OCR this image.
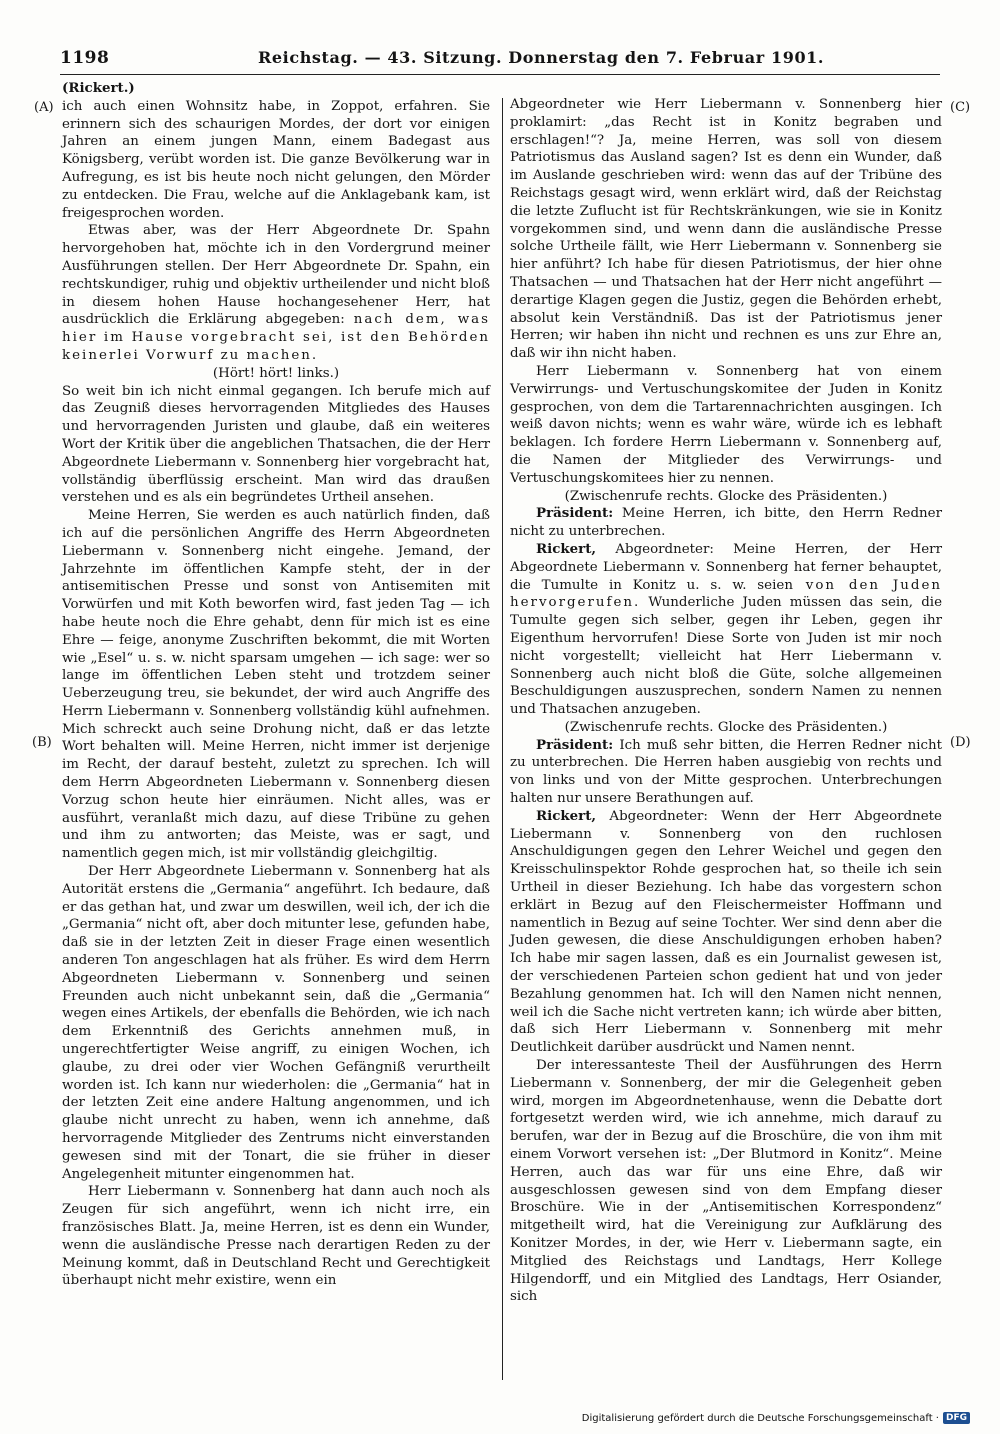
1198	Reichstag. — 43. Sitzung. Donnerstag den 7. Februar 1901.
(A)
(B)
(C)
(D)

(Rickert.)

ich auch einen Wohnsitz habe, in Zoppot, erfahren. Sie erinnern sich des schaurigen Mordes, der dort vor einigen Jahren an einem jungen Mann, einem Badegast aus Königsberg, verübt worden ist. Die ganze Bevölkerung war in Aufregung, es ist bis heute noch nicht gelungen, den Mörder zu entdecken. Die Frau, welche auf die Anklagebank kam, ist freigesprochen worden.

Etwas aber, was der Herr Abgeordnete Dr. Spahn hervorgehoben hat, möchte ich in den Vordergrund meiner Ausführungen stellen. Der Herr Abgeordnete Dr. Spahn, ein rechtskundiger, ruhig und objektiv urtheilender und nicht bloß in diesem hohen Hause hochangesehener Herr, hat ausdrücklich die Erklärung abgegeben: nach dem, was hier im Hause vorgebracht sei, ist den Behörden keinerlei Vorwurf zu machen.

(Hört! hört! links.)

So weit bin ich nicht einmal gegangen. Ich berufe mich auf das Zeugniß dieses hervorragenden Mitgliedes des Hauses und hervorragenden Juristen und glaube, daß ein weiteres Wort der Kritik über die angeblichen Thatsachen, die der Herr Abgeordnete Liebermann v. Sonnenberg hier vorgebracht hat, vollständig überflüssig erscheint. Man wird das draußen verstehen und es als ein begründetes Urtheil ansehen.

Meine Herren, Sie werden es auch natürlich finden, daß ich auf die persönlichen Angriffe des Herrn Abgeordneten Liebermann v. Sonnenberg nicht eingehe. Jemand, der Jahrzehnte im öffentlichen Kampfe steht, der in der antisemitischen Presse und sonst von Antisemiten mit Vorwürfen und mit Koth beworfen wird, fast jeden Tag — ich habe heute noch die Ehre gehabt, denn für mich ist es eine Ehre — feige, anonyme Zuschriften bekommt, die mit Worten wie „Esel“ u. s. w. nicht sparsam umgehen — ich sage: wer so lange im öffentlichen Leben steht und trotzdem seiner Ueberzeugung treu, sie bekundet, der wird auch Angriffe des Herrn Liebermann v. Sonnenberg vollständig kühl aufnehmen. Mich schreckt auch seine Drohung nicht, daß er das letzte Wort behalten will. Meine Herren, nicht immer ist derjenige im Recht, der darauf besteht, zuletzt zu sprechen. Ich will dem Herrn Abgeordneten Liebermann v. Sonnenberg diesen Vorzug schon heute hier einräumen. Nicht alles, was er ausführt, veranlaßt mich dazu, auf diese Tribüne zu gehen und ihm zu antworten; das Meiste, was er sagt, und namentlich gegen mich, ist mir vollständig gleichgiltig.

Der Herr Abgeordnete Liebermann v. Sonnenberg hat als Autorität erstens die „Germania“ angeführt. Ich bedaure, daß er das gethan hat, und zwar um deswillen, weil ich, der ich die „Germania“ nicht oft, aber doch mitunter lese, gefunden habe, daß sie in der letzten Zeit in dieser Frage einen wesentlich anderen Ton angeschlagen hat als früher. Es wird dem Herrn Abgeordneten Liebermann v. Sonnenberg und seinen Freunden auch nicht unbekannt sein, daß die „Germania“ wegen eines Artikels, der ebenfalls die Behörden, wie ich nach dem Erkenntniß des Gerichts annehmen muß, in ungerechtfertigter Weise angriff, zu einigen Wochen, ich glaube, zu drei oder vier Wochen Gefängniß verurtheilt worden ist. Ich kann nur wiederholen: die „Germania“ hat in der letzten Zeit eine andere Haltung angenommen, und ich glaube nicht unrecht zu haben, wenn ich annehme, daß hervorragende Mitglieder des Zentrums nicht einverstanden gewesen sind mit der Tonart, die sie früher in dieser Angelegenheit mitunter eingenommen hat.

Herr Liebermann v. Sonnenberg hat dann auch noch als Zeugen für sich angeführt, wenn ich nicht irre, ein französisches Blatt. Ja, meine Herren, ist es denn ein Wunder, wenn die ausländische Presse nach derartigen Reden zu der Meinung kommt, daß in Deutschland Recht und Gerechtigkeit überhaupt nicht mehr existire, wenn ein

Abgeordneter wie Herr Liebermann v. Sonnenberg hier proklamirt: „das Recht ist in Konitz begraben und erschlagen!“? Ja, meine Herren, was soll von diesem Patriotismus das Ausland sagen? Ist es denn ein Wunder, daß im Auslande geschrieben wird: wenn das auf der Tribüne des Reichstags gesagt wird, wenn erklärt wird, daß der Reichstag die letzte Zuflucht ist für Rechtskränkungen, wie sie in Konitz vorgekommen sind, und wenn dann die ausländische Presse solche Urtheile fällt, wie Herr Liebermann v. Sonnenberg sie hier anführt? Ich habe für diesen Patriotismus, der hier ohne Thatsachen — und Thatsachen hat der Herr nicht angeführt — derartige Klagen gegen die Justiz, gegen die Behörden erhebt, absolut kein Verständniß. Das ist der Patriotismus jener Herren; wir haben ihn nicht und rechnen es uns zur Ehre an, daß wir ihn nicht haben.

Herr Liebermann v. Sonnenberg hat von einem Verwirrungs- und Vertuschungskomitee der Juden in Konitz gesprochen, von dem die Tartarennachrichten ausgingen. Ich weiß davon nichts; wenn es wahr wäre, würde ich es lebhaft beklagen. Ich fordere Herrn Liebermann v. Sonnenberg auf, die Namen der Mitglieder des Verwirrungs- und Vertuschungskomitees hier zu nennen.

(Zwischenrufe rechts. Glocke des Präsidenten.)

Präsident: Meine Herren, ich bitte, den Herrn Redner nicht zu unterbrechen.

Rickert, Abgeordneter: Meine Herren, der Herr Abgeordnete Liebermann v. Sonnenberg hat ferner behauptet, die Tumulte in Konitz u. s. w. seien von den Juden hervorgerufen. Wunderliche Juden müssen das sein, die Tumulte gegen sich selber, gegen ihr Leben, gegen ihr Eigenthum hervorrufen! Diese Sorte von Juden ist mir noch nicht vorgestellt; vielleicht hat Herr Liebermann v. Sonnenberg auch nicht bloß die Güte, solche allgemeinen Beschuldigungen auszusprechen, sondern Namen zu nennen und Thatsachen anzugeben.

(Zwischenrufe rechts. Glocke des Präsidenten.)

Präsident: Ich muß sehr bitten, die Herren Redner nicht zu unterbrechen. Die Herren haben ausgiebig von rechts und von links und von der Mitte gesprochen. Unterbrechungen halten nur unsere Berathungen auf.

Rickert, Abgeordneter: Wenn der Herr Abgeordnete Liebermann v. Sonnenberg von den ruchlosen Anschuldigungen gegen den Lehrer Weichel und gegen den Kreisschulinspektor Rohde gesprochen hat, so theile ich sein Urtheil in dieser Beziehung. Ich habe das vorgestern schon erklärt in Bezug auf den Fleischermeister Hoffmann und namentlich in Bezug auf seine Tochter. Wer sind denn aber die Juden gewesen, die diese Anschuldigungen erhoben haben? Ich habe mir sagen lassen, daß es ein Journalist gewesen ist, der verschiedenen Parteien schon gedient hat und von jeder Bezahlung genommen hat. Ich will den Namen nicht nennen, weil ich die Sache nicht vertreten kann; ich würde aber bitten, daß sich Herr Liebermann v. Sonnenberg mit mehr Deutlichkeit darüber ausdrückt und Namen nennt.

Der interessanteste Theil der Ausführungen des Herrn Liebermann v. Sonnenberg, der mir die Gelegenheit geben wird, morgen im Abgeordnetenhause, wenn die Debatte dort fortgesetzt werden wird, wie ich annehme, mich darauf zu berufen, war der in Bezug auf die Broschüre, die von ihm mit einem Vorwort versehen ist: „Der Blutmord in Konitz“. Meine Herren, auch das war für uns eine Ehre, daß wir ausgeschlossen gewesen sind von dem Empfang dieser Broschüre. Wie in der „Antisemitischen Korrespondenz“ mitgetheilt wird, hat die Vereinigung zur Aufklärung des Konitzer Mordes, in der, wie Herr v. Liebermann sagte, ein Mitglied des Reichstags und Landtags, Herr Kollege Hilgendorff, und ein Mitglied des Landtags, Herr Osiander, sich

Digitalisierung gefördert durch die Deutsche Forschungsgemeinschaft · DFG
